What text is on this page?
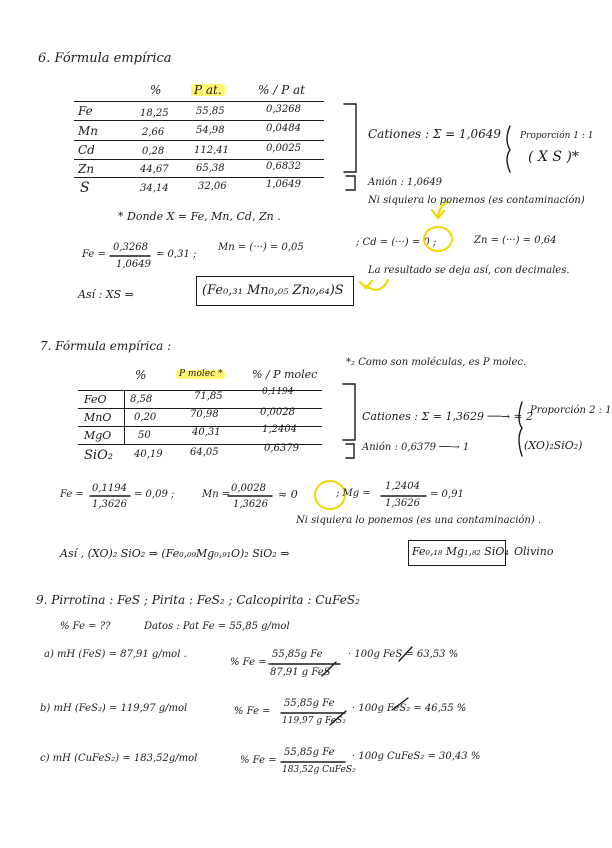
6. Fórmula empírica
%	P at.	% / P at
Fe	18,25	55,85	0,3268
Mn	2,66	54,98	0,0484
Cd	0,28	112,41	0,0025
Zn	44,67	65,38	0,6832
S	34,14	32,06	1,0649
Cationes : Σ = 1,0649 Proporción 1 : 1
( X S )*
Anión : 1,0649
* Donde X = Fe, Mn, Cd, Zn .
Ni siquiera lo ponemos (es contaminación)
Fe =
0,3268
1,0649
= 0,31 ;
Mn = (···) = 0,05	; Cd = (···) = 0 ;	Zn = (···) = 0,64
La resultado se deja así, con decimales.
Así : XS ⇒	(Fe₀,₃₁ Mn₀,₀₅ Zn₀,₆₄)S
7. Fórmula empírica :
%	P molec *	% / P molec
*₂ Como son moléculas, es P molec.
FeO 8,58	71,85	0,1194
MnO 0,20	70,98	0,0028
MgO	50	40,31	1,2404
SiO₂ 40,19	64,05	0,6379
Cationes : Σ = 1,3629 ──→ ≈ 2
Anión : 0,6379 ──→ 1
Proporción 2 : 1
(XO)₂SiO₂)
Fe =
0,1194
1,3626
= 0,09 ;	Mn =
0,0028
1,3626
≈ 0	; Mg =
1,2404
1,3626
= 0,91
Ni siquiera lo ponemos (es una contaminación) .
Así , (XO)₂ SiO₂ ⇒ (Fe₀,₀₉Mg₀,₉₁O)₂ SiO₂ ⇒	Fe₀,₁₈ Mg₁,₈₂ SiO₄ Olivino
9. Pirrotina : FeS ; Pirita : FeS₂ ; Calcopirita : CuFeS₂
% Fe = ??	Datos : Pat Fe = 55,85 g/mol
a) mH (FeS) = 87,91 g/mol .
% Fe =
55,85g Fe
87,91 g FeS
· 100g FeS = 63,53 %
b) mH (FeS₂) = 119,97 g/mol	% Fe =
55,85g Fe
119,97 g FeS₂
· 100g FeS₂ = 46,55 %
c) mH (CuFeS₂) = 183,52g/mol	% Fe =
55,85g Fe
183,52g CuFeS₂
· 100g CuFeS₂ = 30,43 %
